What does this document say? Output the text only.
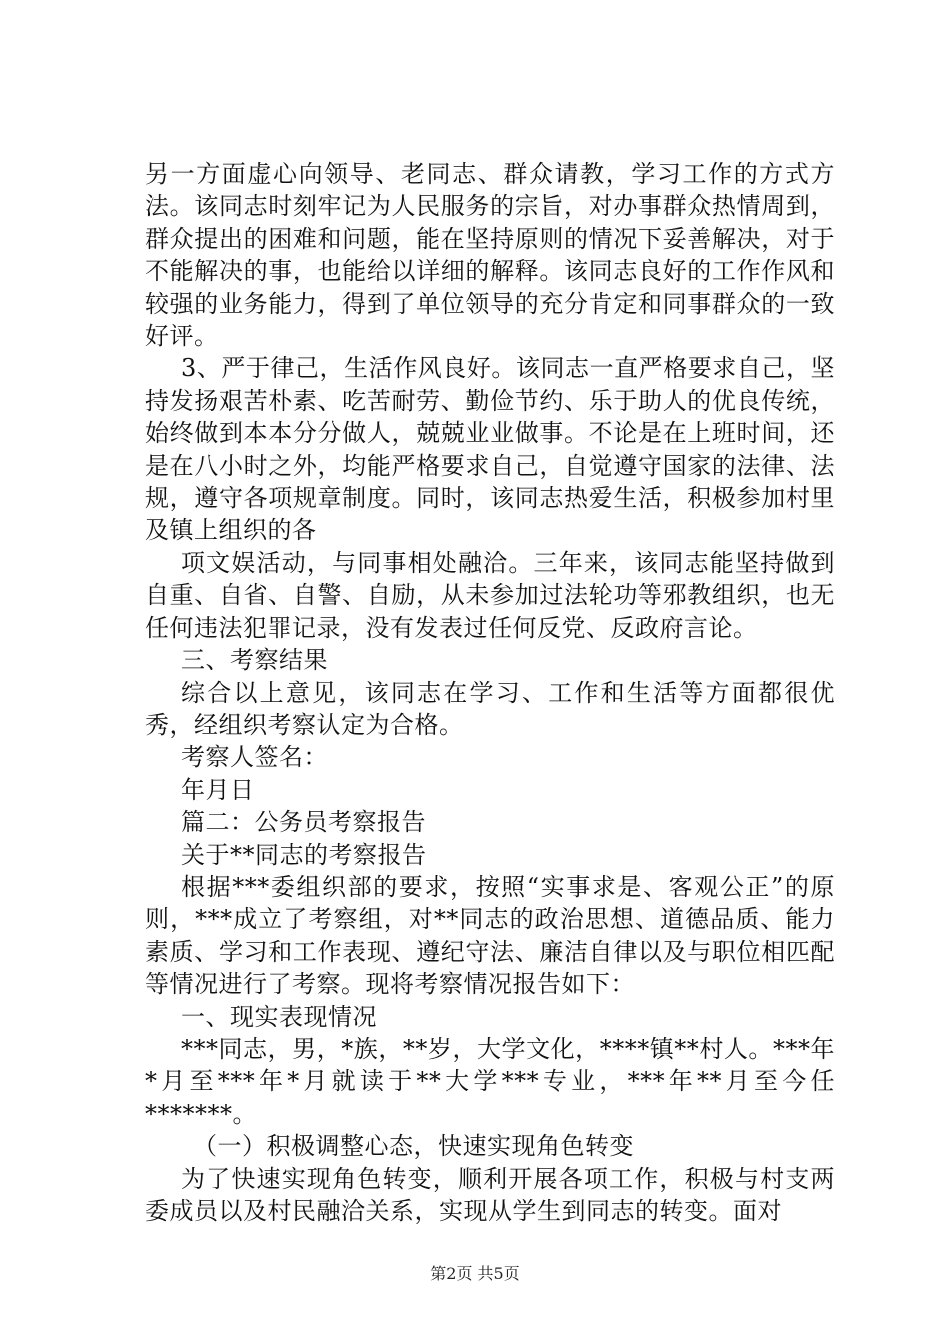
另一方面虚心向领导、老同志、群众请教，学习工作的方式方法。该同志时刻牢记为人民服务的宗旨，对办事群众热情周到，群众提出的困难和问题，能在坚持原则的情况下妥善解决，对于不能解决的事，也能给以详细的解释。该同志良好的工作作风和较强的业务能力，得到了单位领导的充分肯定和同事群众的一致好评。

3、严于律己，生活作风良好。该同志一直严格要求自己，坚持发扬艰苦朴素、吃苦耐劳、勤俭节约、乐于助人的优良传统，始终做到本本分分做人，兢兢业业做事。不论是在上班时间，还是在八小时之外，均能严格要求自己，自觉遵守国家的法律、法规，遵守各项规章制度。同时，该同志热爱生活，积极参加村里及镇上组织的各

项文娱活动，与同事相处融洽。三年来，该同志能坚持做到自重、自省、自警、自励，从未参加过法轮功等邪教组织，也无任何违法犯罪记录，没有发表过任何反党、反政府言论。

三、考察结果

综合以上意见，该同志在学习、工作和生活等方面都很优秀，经组织考察认定为合格。

考察人签名：

年月日

篇二：公务员考察报告

关于**同志的考察报告

根据***委组织部的要求，按照“实事求是、客观公正”的原则，***成立了考察组，对**同志的政治思想、道德品质、能力素质、学习和工作表现、遵纪守法、廉洁自律以及与职位相匹配等情况进行了考察。现将考察情况报告如下：

一、现实表现情况

***同志，男，*族，**岁，大学文化，****镇**村人。***年*月至***年*月就读于**大学***专业，***年**月至今任*******。

（一）积极调整心态，快速实现角色转变

为了快速实现角色转变，顺利开展各项工作，积极与村支两委成员以及村民融洽关系，实现从学生到同志的转变。面对

第2页 共5页
